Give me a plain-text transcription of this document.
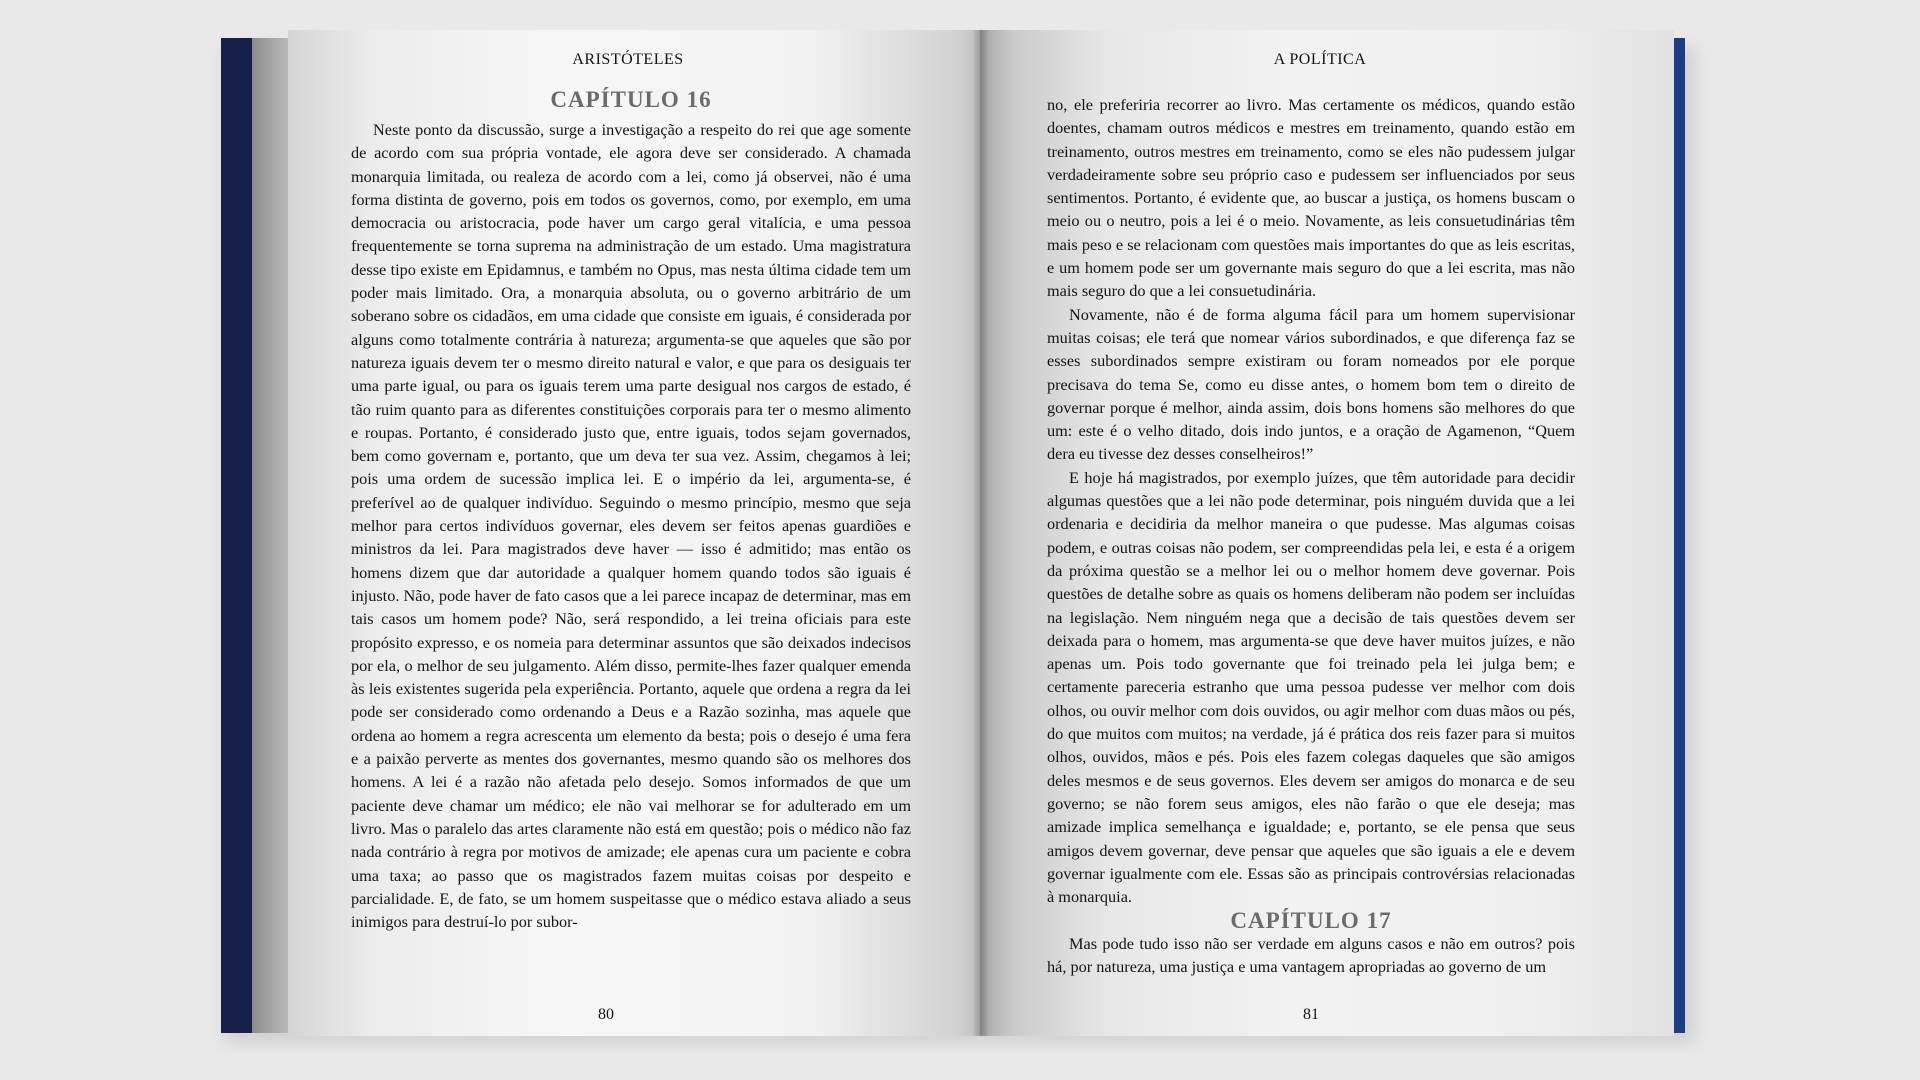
ARISTÓTELES
CAPÍTULO 16

Neste ponto da discussão, surge a investigação a respeito do rei que age somente de acordo com sua própria vontade, ele agora deve ser considerado. A chamada monarquia limitada, ou realeza de acordo com a lei, como já observei, não é uma forma distinta de governo, pois em todos os governos, como, por exemplo, em uma democracia ou aristocracia, pode haver um cargo geral vitalícia, e uma pessoa frequentemente se torna suprema na administração de um estado. Uma magistratura desse tipo existe em Epidamnus, e também no Opus, mas nesta última cidade tem um poder mais limitado. Ora, a monarquia absoluta, ou o governo arbitrário de um soberano sobre os cidadãos, em uma cidade que consiste em iguais, é considerada por alguns como totalmente contrária à natureza; argumenta-se que aqueles que são por natureza iguais devem ter o mesmo direito natural e valor, e que para os desiguais ter uma parte igual, ou para os iguais terem uma parte desigual nos cargos de estado, é tão ruim quanto para as diferentes constituições corporais para ter o mesmo alimento e roupas. Portanto, é considerado justo que, entre iguais, todos sejam governados, bem como governam e, portanto, que um deva ter sua vez. Assim, chegamos à lei; pois uma ordem de sucessão implica lei. E o império da lei, argumenta-se, é preferível ao de qualquer indivíduo. Seguindo o mesmo princípio, mesmo que seja melhor para certos indivíduos governar, eles devem ser feitos apenas guardiões e ministros da lei. Para magistrados deve haver — isso é admitido; mas então os homens dizem que dar autoridade a qualquer homem quando todos são iguais é injusto. Não, pode haver de fato casos que a lei parece incapaz de determinar, mas em tais casos um homem pode? Não, será respondido, a lei treina oficiais para este propósito expresso, e os nomeia para determinar assuntos que são deixados indecisos por ela, o melhor de seu julgamento. Além disso, permite-lhes fazer qualquer emenda às leis existentes sugerida pela experiência. Portanto, aquele que ordena a regra da lei pode ser considerado como ordenando a Deus e a Razão sozinha, mas aquele que ordena ao homem a regra acrescenta um elemento da besta; pois o desejo é uma fera e a paixão perverte as mentes dos governantes, mesmo quando são os melhores dos homens. A lei é a razão não afetada pelo desejo. Somos informados de que um paciente deve chamar um médico; ele não vai melhorar se for adulterado em um livro. Mas o paralelo das artes claramente não está em questão; pois o médico não faz nada contrário à regra por motivos de amizade; ele apenas cura um paciente e cobra uma taxa; ao passo que os magistrados fazem muitas coisas por despeito e parcialidade. E, de fato, se um homem suspeitasse que o médico estava aliado a seus inimigos para destruí-lo por subor-

80
A POLÍTICA

no, ele preferiria recorrer ao livro. Mas certamente os médicos, quando estão doentes, chamam outros médicos e mestres em treinamento, quando estão em treinamento, outros mestres em treinamento, como se eles não pudessem julgar verdadeiramente sobre seu próprio caso e pudessem ser influenciados por seus sentimentos. Portanto, é evidente que, ao buscar a justiça, os homens buscam o meio ou o neutro, pois a lei é o meio. Novamente, as leis consuetudinárias têm mais peso e se relacionam com questões mais importantes do que as leis escritas, e um homem pode ser um governante mais seguro do que a lei escrita, mas não mais seguro do que a lei consuetudinária.

Novamente, não é de forma alguma fácil para um homem supervisionar muitas coisas; ele terá que nomear vários subordinados, e que diferença faz se esses subordinados sempre existiram ou foram nomeados por ele porque precisava do tema Se, como eu disse antes, o homem bom tem o direito de governar porque é melhor, ainda assim, dois bons homens são melhores do que um: este é o velho ditado, dois indo juntos, e a oração de Agamenon, “Quem dera eu tivesse dez desses conselheiros!”

E hoje há magistrados, por exemplo juízes, que têm autoridade para decidir algumas questões que a lei não pode determinar, pois ninguém duvida que a lei ordenaria e decidiria da melhor maneira o que pudesse. Mas algumas coisas podem, e outras coisas não podem, ser compreendidas pela lei, e esta é a origem da próxima questão se a melhor lei ou o melhor homem deve governar. Pois questões de detalhe sobre as quais os homens deliberam não podem ser incluídas na legislação. Nem ninguém nega que a decisão de tais questões devem ser deixada para o homem, mas argumenta-se que deve haver muitos juízes, e não apenas um. Pois todo governante que foi treinado pela lei julga bem; e certamente pareceria estranho que uma pessoa pudesse ver melhor com dois olhos, ou ouvir melhor com dois ouvidos, ou agir melhor com duas mãos ou pés, do que muitos com muitos; na verdade, já é prática dos reis fazer para si muitos olhos, ouvidos, mãos e pés. Pois eles fazem colegas daqueles que são amigos deles mesmos e de seus governos. Eles devem ser amigos do monarca e de seu governo; se não forem seus amigos, eles não farão o que ele deseja; mas amizade implica semelhança e igualdade; e, portanto, se ele pensa que seus amigos devem governar, deve pensar que aqueles que são iguais a ele e devem governar igualmente com ele. Essas são as principais controvérsias relacionadas à monarquia.

CAPÍTULO 17

Mas pode tudo isso não ser verdade em alguns casos e não em outros? pois há, por natureza, uma justiça e uma vantagem apropriadas ao governo de um

81
